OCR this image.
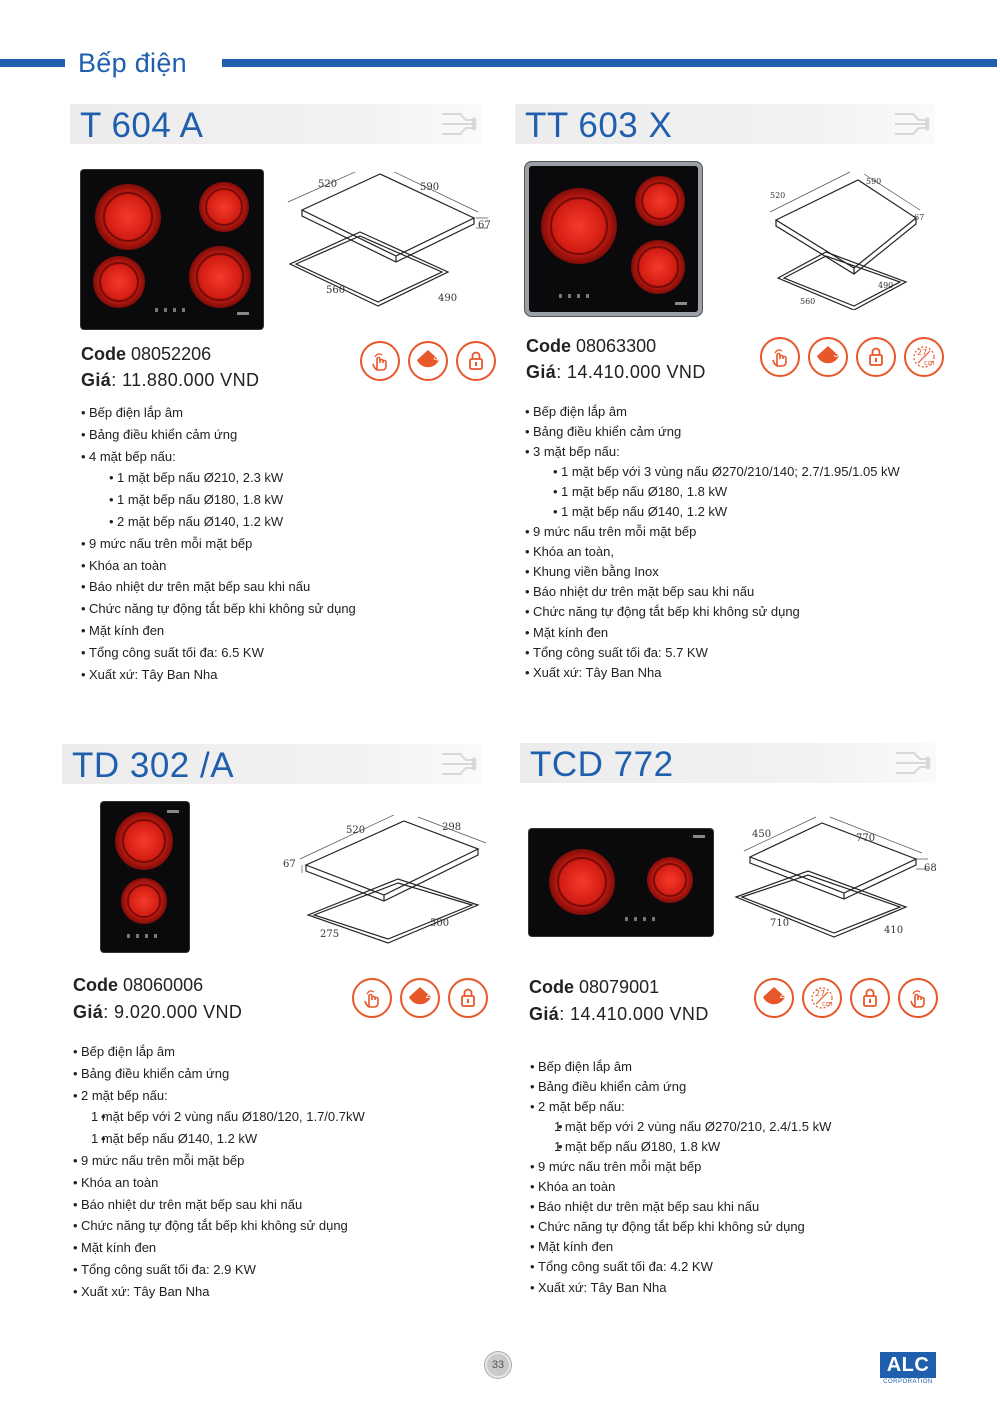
Bếp điện
T 604 A
520	590
67
560
490
Code 08052206
Giá: 11.880.000 VND
4
• Bếp điện lắp âm
• Bảng điều khiển cảm ứng
• 4 mặt bếp nấu:
• 1 mặt bếp nấu Ø210, 2.3 kW
• 1 mặt bếp nấu Ø180, 1.8 kW
• 2 mặt bếp nấu Ø140, 1.2 kW
• 9 mức nấu trên mỗi mặt bếp
• Khóa an toàn
• Báo nhiệt dư trên mặt bếp sau khi nấu
• Chức năng tự động tắt bếp khi không sử dụng
• Mặt kính đen
• Tổng công suất tối đa: 6.5 KW
• Xuất xứ: Tây Ban Nha
TT 603 X
520
590
67
560
490
Code 08063300
Giá: 14.410.000 VND
3	27
cm
• Bếp điện lắp âm
• Bảng điều khiển cảm ứng
• 3 mặt bếp nấu:
• 1 mặt bếp với 3 vùng nấu Ø270/210/140; 2.7/1.95/1.05 kW
• 1 mặt bếp nấu Ø180, 1.8 kW
• 1 mặt bếp nấu Ø140, 1.2 kW
• 9 mức nấu trên mỗi mặt bếp
• Khóa an toàn,
• Khung viền bằng Inox
• Báo nhiệt dư trên mặt bếp sau khi nấu
• Chức năng tự động tắt bếp khi không sử dụng
• Mặt kính đen
• Tổng công suất tối đa: 5.7 KW
• Xuất xứ: Tây Ban Nha
TD 302 /A
520	298
67
275
500
Code 08060006
Giá: 9.020.000 VND
2
• Bếp điện lắp âm
• Bảng điều khiển cảm ứng
• 2 mặt bếp nấu:
• 1 mặt bếp với 2 vùng nấu Ø180/120, 1.7/0.7kW
• 1 mặt bếp nấu Ø140, 1.2 kW
• 9 mức nấu trên mỗi mặt bếp
• Khóa an toàn
• Báo nhiệt dư trên mặt bếp sau khi nấu
• Chức năng tự động tắt bếp khi không sử dụng
• Mặt kính đen
• Tổng công suất tối đa: 2.9 KW
• Xuất xứ: Tây Ban Nha
TCD 772
450	770
68
710
410
Code 08079001
Giá: 14.410.000 VND
2	27
cm
• Bếp điện lắp âm
• Bảng điều khiển cảm ứng
• 2 mặt bếp nấu:
• 1 mặt bếp với 2 vùng nấu Ø270/210, 2.4/1.5 kW
• 1 mặt bếp nấu Ø180, 1.8 kW
• 9 mức nấu trên mỗi mặt bếp
• Khóa an toàn
• Báo nhiệt dư trên mặt bếp sau khi nấu
• Chức năng tự động tắt bếp khi không sử dụng
• Mặt kính đen
• Tổng công suất tối đa: 4.2 KW
• Xuất xứ: Tây Ban Nha
33	ALC
CORPORATION
